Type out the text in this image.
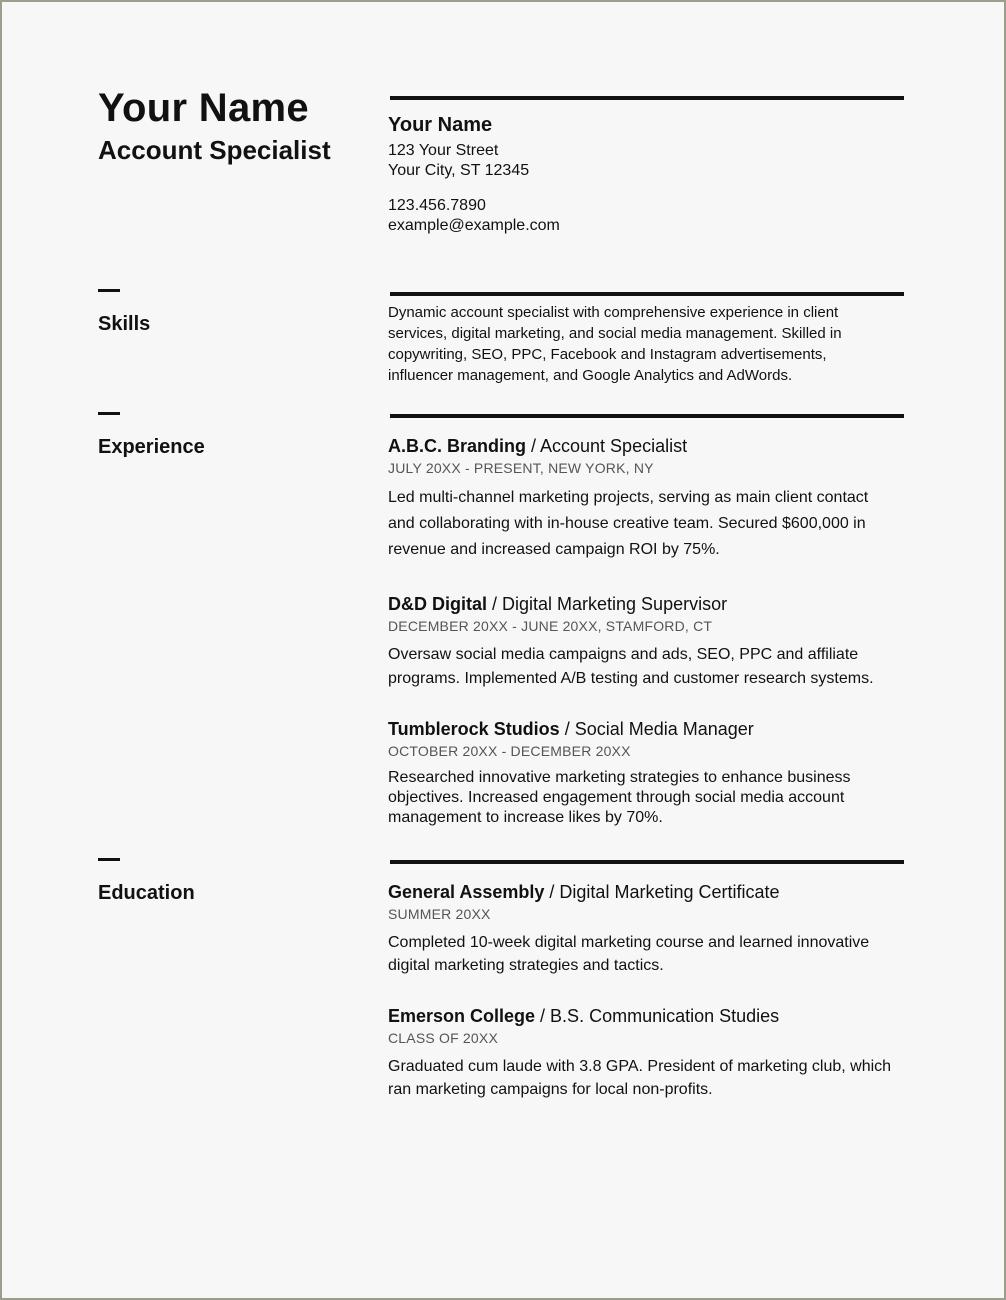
Your Name
Account Specialist

Your Name

123 Your Street

Your City, ST 12345

123.456.7890

example@example.com

Skills
Dynamic account specialist with comprehensive experience in client
services, digital marketing, and social media management. Skilled in
copywriting, SEO, PPC, Facebook and Instagram advertisements,
influencer management, and Google Analytics and AdWords.
Experience	A.B.C. Branding / Account Specialist
JULY 20XX - PRESENT, NEW YORK, NY
Led multi-channel marketing projects, serving as main client contact
and collaborating with in-house creative team. Secured $600,000 in
revenue and increased campaign ROI by 75%.
D&D Digital / Digital Marketing Supervisor
DECEMBER 20XX - JUNE 20XX, STAMFORD, CT
Oversaw social media campaigns and ads, SEO, PPC and affiliate
programs. Implemented A/B testing and customer research systems.
Tumblerock Studios / Social Media Manager
OCTOBER 20XX - DECEMBER 20XX
Researched innovative marketing strategies to enhance business
objectives. Increased engagement through social media account
management to increase likes by 70%.
Education	General Assembly / Digital Marketing Certificate
SUMMER 20XX
Completed 10-week digital marketing course and learned innovative
digital marketing strategies and tactics.
Emerson College / B.S. Communication Studies
CLASS OF 20XX
Graduated cum laude with 3.8 GPA. President of marketing club, which
ran marketing campaigns for local non-profits.
